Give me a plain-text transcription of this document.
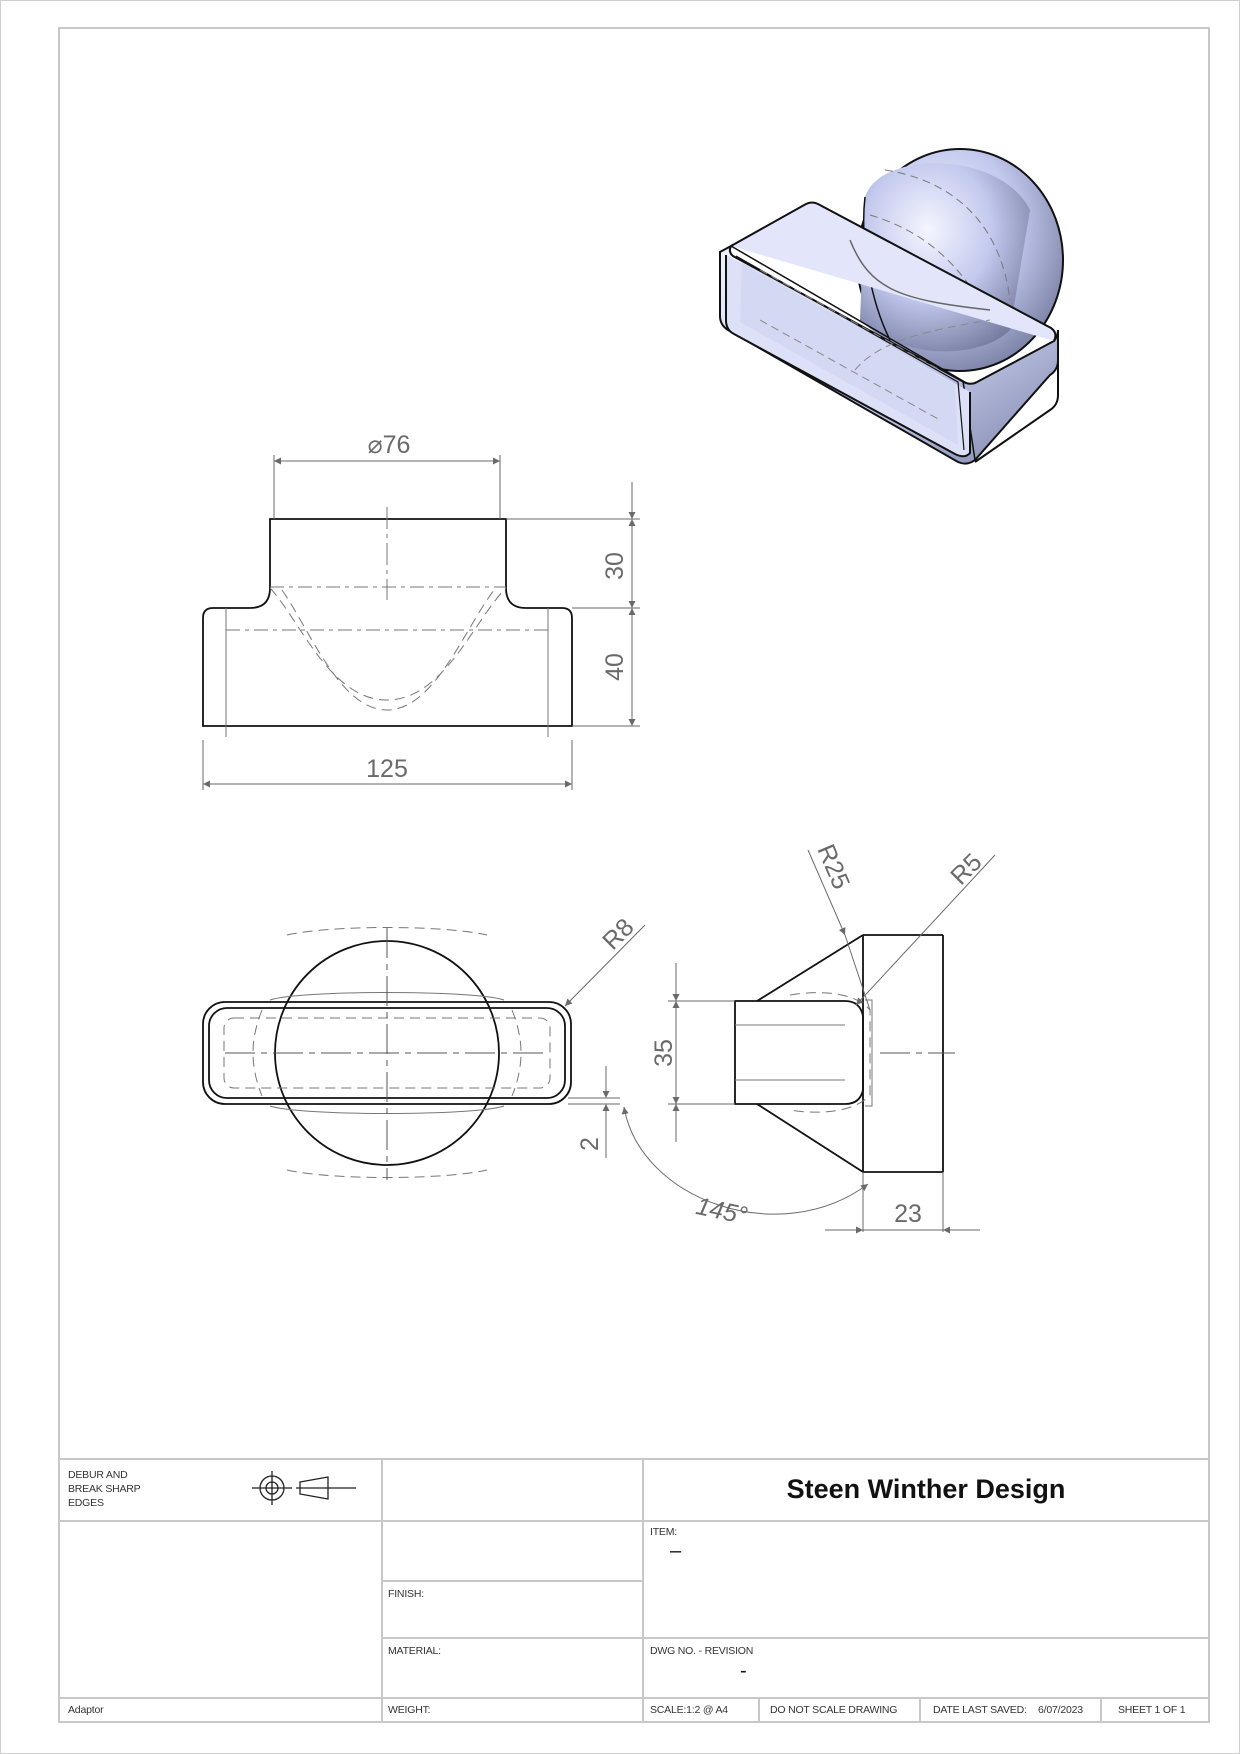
⌀76
30
40
125
R8
2
35
R25	R5
145°	23
DEBUR AND
BREAK SHARP
EDGES	Steen Winther Design
ITEM:
–
FINISH:
MATERIAL:	DWG NO. - REVISION
-
Adaptor	WEIGHT:	SCALE:1:2 @ A4	DO NOT SCALE DRAWING	DATE LAST SAVED: 6/07/2023	SHEET 1 OF 1
